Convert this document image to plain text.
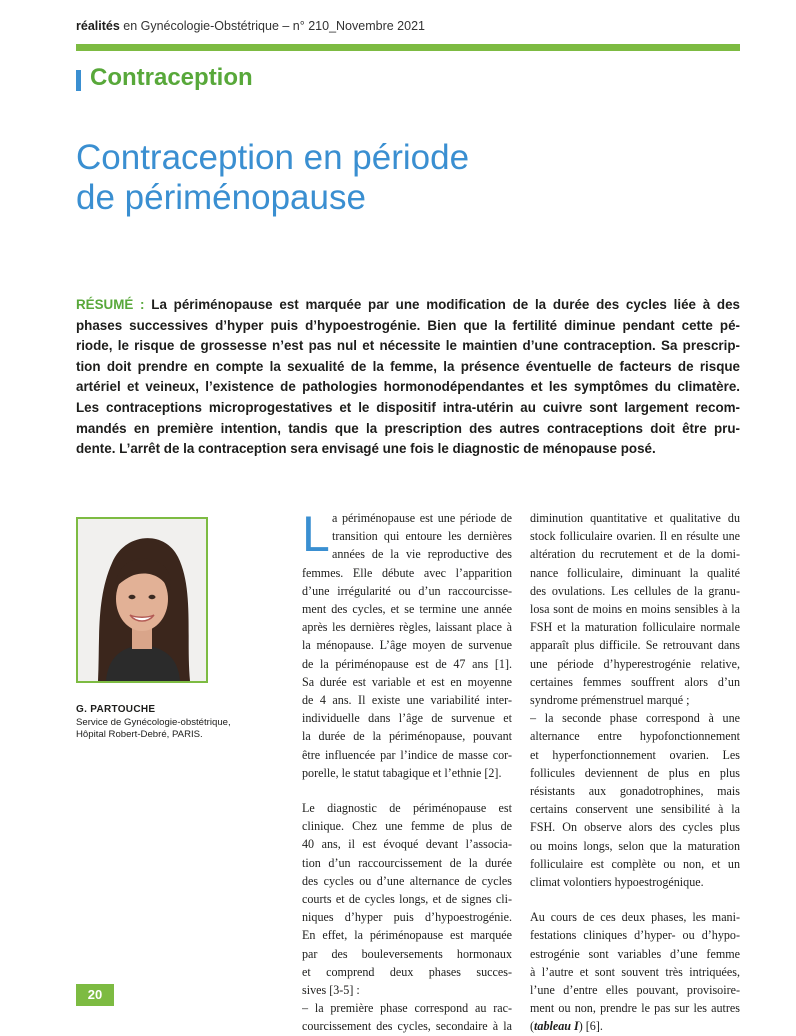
réalités en Gynécologie-Obstétrique – n° 210_Novembre 2021
Contraception
Contraception en période
de périménopause
RÉSUMÉ : La périménopause est marquée par une modification de la durée des cycles liée à des
phases successives d’hyper puis d’hypoestrogénie. Bien que la fertilité diminue pendant cette pé-
riode, le risque de grossesse n’est pas nul et nécessite le maintien d’une contraception. Sa prescrip-
tion doit prendre en compte la sexualité de la femme, la présence éventuelle de facteurs de risque
artériel et veineux, l’existence de pathologies hormonodépendantes et les symptômes du climatère.
Les contraceptions microprogestatives et le dispositif intra-utérin au cuivre sont largement recom-
mandés en première intention, tandis que la prescription des autres contraceptions doit être pru-
dente. L’arrêt de la contraception sera envisagé une fois le diagnostic de ménopause posé.
G. PARTOUCHE
Service de Gynécologie-obstétrique,
Hôpital Robert-Debré, PARIS.
L a périménopause est une période de
transition qui entoure les dernières
années de la vie reproductive des
femmes. Elle débute avec l’apparition
d’une irrégularité ou d’un raccourcisse-
ment des cycles, et se termine une année
après les dernières règles, laissant place à
la ménopause. L’âge moyen de survenue
de la périménopause est de 47 ans [1].
Sa durée est variable et est en moyenne
de 4 ans. Il existe une variabilité inter-
individuelle dans l’âge de survenue et
la durée de la périménopause, pouvant
être influencée par l’indice de masse cor-
porelle, le statut tabagique et l’ethnie [2].
Le diagnostic de périménopause est
clinique. Chez une femme de plus de
40 ans, il est évoqué devant l’associa-
tion d’un raccourcissement de la durée
des cycles ou d’une alternance de cycles
courts et de cycles longs, et de signes cli-
niques d’hyper puis d’hypoestrogénie.
En effet, la périménopause est marquée
par des bouleversements hormonaux
et comprend deux phases succes-
sives [3-5] :
– la première phase correspond au rac-
courcissement des cycles, secondaire à la
diminution quantitative et qualitative du
stock folliculaire ovarien. Il en résulte une
altération du recrutement et de la domi-
nance folliculaire, diminuant la qualité
des ovulations. Les cellules de la granu-
losa sont de moins en moins sensibles à la
FSH et la maturation folliculaire normale
apparaît plus difficile. Se retrouvant dans
une période d’hyperestrogénie relative,
certaines femmes souffrent alors d’un
syndrome prémenstruel marqué ;
– la seconde phase correspond à une
alternance entre hypofonctionnement
et hyperfonctionnement ovarien. Les
follicules deviennent de plus en plus
résistants aux gonadotrophines, mais
certains conservent une sensibilité à la
FSH. On observe alors des cycles plus
ou moins longs, selon que la maturation
folliculaire est complète ou non, et un
climat volontiers hypoestrogénique.
Au cours de ces deux phases, les mani-
festations cliniques d’hyper- ou d’hypo-
estrogénie sont variables d’une femme
à l’autre et sont souvent très intriquées,
l’une d’entre elles pouvant, provisoire-
ment ou non, prendre le pas sur les autres
(tableau I) [6].
20
